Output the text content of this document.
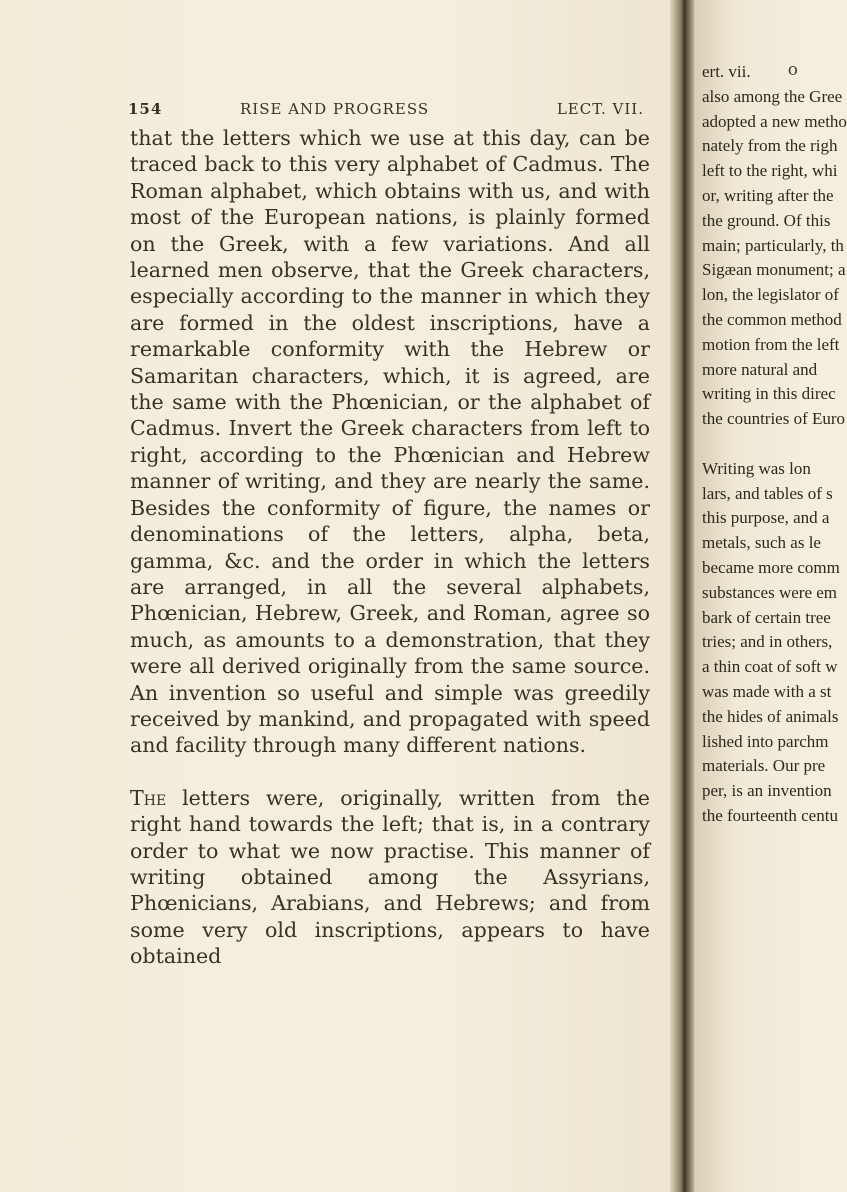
154	RISE AND PROGRESS	LECT. VII.

that the letters which we use at this day, can be traced back to this very alphabet of Cadmus. The Roman alphabet, which obtains with us, and with most of the European nations, is plainly formed on the Greek, with a few variations. And all learned men observe, that the Greek characters, especially according to the manner in which they are formed in the oldest inscriptions, have a remarkable conformity with the Hebrew or Samaritan characters, which, it is agreed, are the same with the Phœnician, or the alphabet of Cadmus. Invert the Greek characters from left to right, according to the Phœnician and Hebrew manner of writing, and they are nearly the same. Besides the conformity of figure, the names or denominations of the letters, alpha, beta, gamma, &c. and the order in which the letters are arranged, in all the several alphabets, Phœnician, Hebrew, Greek, and Roman, agree so much, as amounts to a demonstration, that they were all derived originally from the same source. An invention so useful and simple was greedily received by mankind, and propagated with speed and facility through many different nations.

The letters were, originally, written from the right hand towards the left; that is, in a contrary order to what we now practise. This manner of writing obtained among the Assyrians, Phœnicians, Arabians, and Hebrews; and from some very old inscriptions, appears to have obtained

o
ert. vii.
also among the Gree
adopted a new metho
nately from the righ
left to the right, whi
or, writing after the
the ground. Of this
main; particularly, th
Sigæan monument; a
lon, the legislator of
the common method
motion from the left
more natural and
writing in this direc
the countries of Euro

Writing was lon
lars, and tables of s
this purpose, and a
metals, such as le
became more comm
substances were em
bark of certain tree
tries; and in others,
a thin coat of soft w
was made with a st
the hides of animals
lished into parchm
materials. Our pre
per, is an invention
the fourteenth centu
